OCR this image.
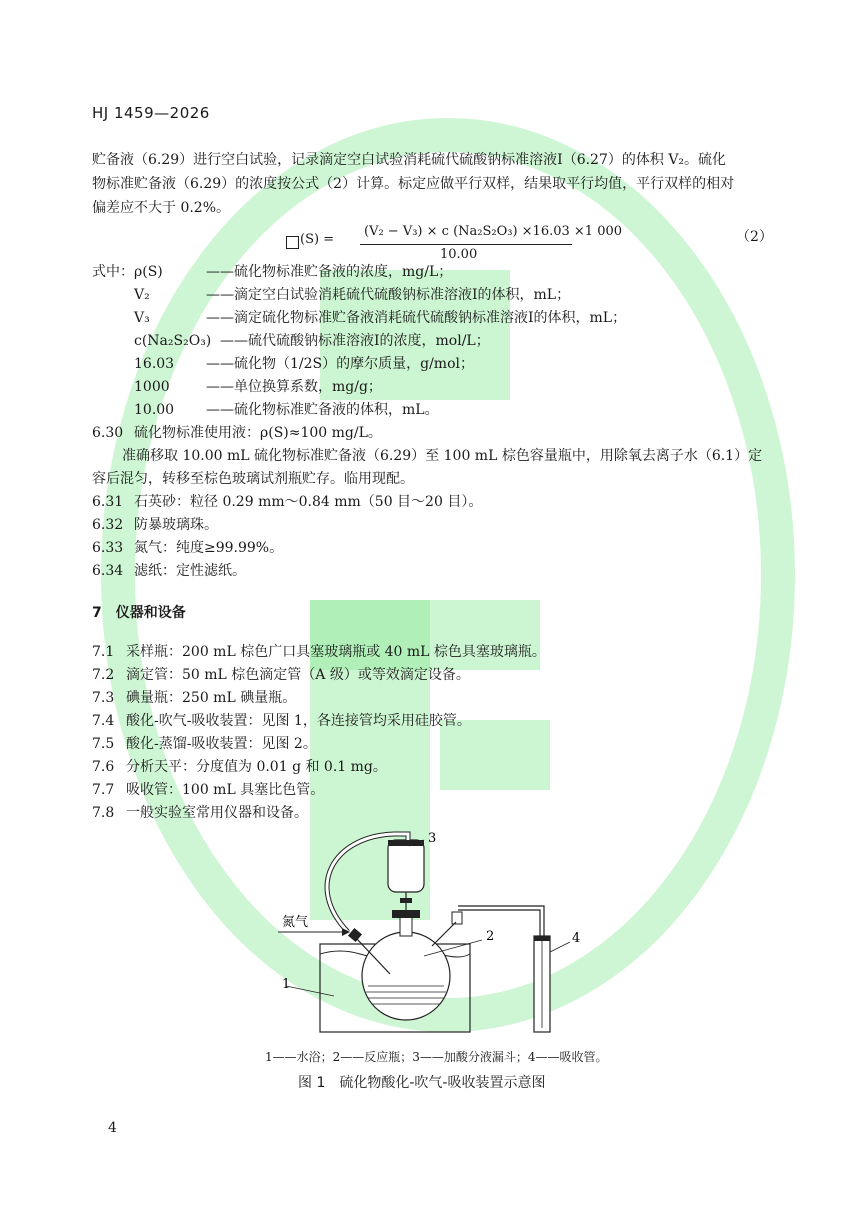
HJ 1459—2026
贮备液（6.29）进行空白试验，记录滴定空白试验消耗硫代硫酸钠标准溶液Ⅰ（6.27）的体积 V₂。硫化
物标准贮备液（6.29）的浓度按公式（2）计算。标定应做平行双样，结果取平行均值，平行双样的相对
偏差应不大于 0.2%。
(S) =
(V₂ − V₃) × c (Na₂S₂O₃) ×16.03 ×1 000
10.00
（2）
式中： ρ(S)	——硫化物标准贮备液的浓度，mg/L；
V₂	——滴定空白试验消耗硫代硫酸钠标准溶液Ⅰ的体积，mL；
V₃	——滴定硫化物标准贮备液消耗硫代硫酸钠标准溶液Ⅰ的体积，mL；
c(Na₂S₂O₃) ——硫代硫酸钠标准溶液Ⅰ的浓度，mol/L；
16.03 ——硫化物（1/2S）的摩尔质量，g/mol；
1000	——单位换算系数，mg/g；
10.00 ——硫化物标准贮备液的体积，mL。
6.30 硫化物标准使用液：ρ(S)≈100 mg/L。
准确移取 10.00 mL 硫化物标准贮备液（6.29）至 100 mL 棕色容量瓶中，用除氧去离子水（6.1）定
容后混匀，转移至棕色玻璃试剂瓶贮存。临用现配。
6.31 石英砂：粒径 0.29 mm～0.84 mm（50 目～20 目）。
6.32 防暴玻璃珠。
6.33 氮气：纯度≥99.99%。
6.34 滤纸：定性滤纸。
7　仪器和设备
7.1 采样瓶：200 mL 棕色广口具塞玻璃瓶或 40 mL 棕色具塞玻璃瓶。
7.2 滴定管：50 mL 棕色滴定管（A 级）或等效滴定设备。
7.3 碘量瓶：250 mL 碘量瓶。
7.4 酸化-吹气-吸收装置：见图 1，各连接管均采用硅胶管。
7.5 酸化-蒸馏-吸收装置：见图 2。
7.6 分析天平：分度值为 0.01 g 和 0.1 mg。
7.7 吸收管：100 mL 具塞比色管。
7.8 一般实验室常用仪器和设备。
氮气
1
2
3
4
1——水浴；2——反应瓶；3——加酸分液漏斗；4——吸收管。
图 1　硫化物酸化-吹气-吸收装置示意图
4
